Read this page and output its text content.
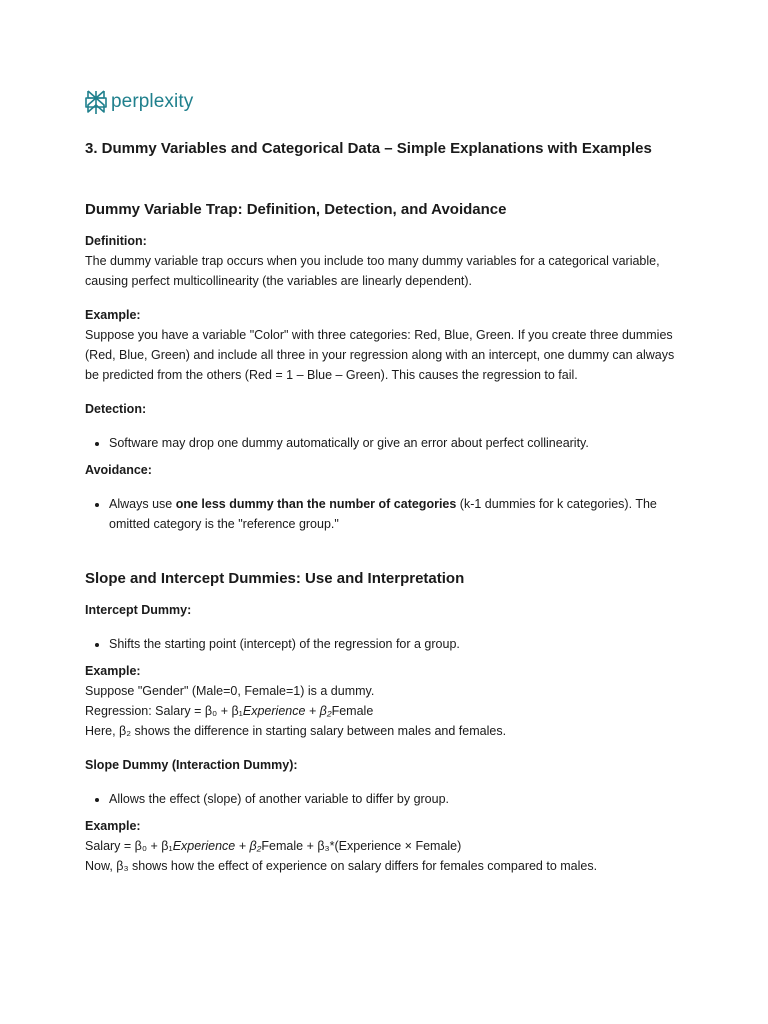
perplexity
3. Dummy Variables and Categorical Data – Simple Explanations with Examples
Dummy Variable Trap: Definition, Detection, and Avoidance

Definition:

The dummy variable trap occurs when you include too many dummy variables for a categorical variable, causing perfect multicollinearity (the variables are linearly dependent).

Example:

Suppose you have a variable "Color" with three categories: Red, Blue, Green. If you create three dummies (Red, Blue, Green) and include all three in your regression along with an intercept, one dummy can always be predicted from the others (Red = 1 – Blue – Green). This causes the regression to fail.

Detection:

• Software may drop one dummy automatically or give an error about perfect collinearity.

Avoidance:

• Always use one less dummy than the number of categories (k-1 dummies for k categories). The omitted category is the "reference group."
Slope and Intercept Dummies: Use and Interpretation

Intercept Dummy:

• Shifts the starting point (intercept) of the regression for a group.

Example:

Suppose "Gender" (Male=0, Female=1) is a dummy.

Regression: Salary = β₀ + β₁Experience + β₂Female

Here, β₂ shows the difference in starting salary between males and females.

Slope Dummy (Interaction Dummy):

• Allows the effect (slope) of another variable to differ by group.

Example:

Salary = β₀ + β₁Experience + β₂Female + β₃*(Experience × Female)

Now, β₃ shows how the effect of experience on salary differs for females compared to males.
